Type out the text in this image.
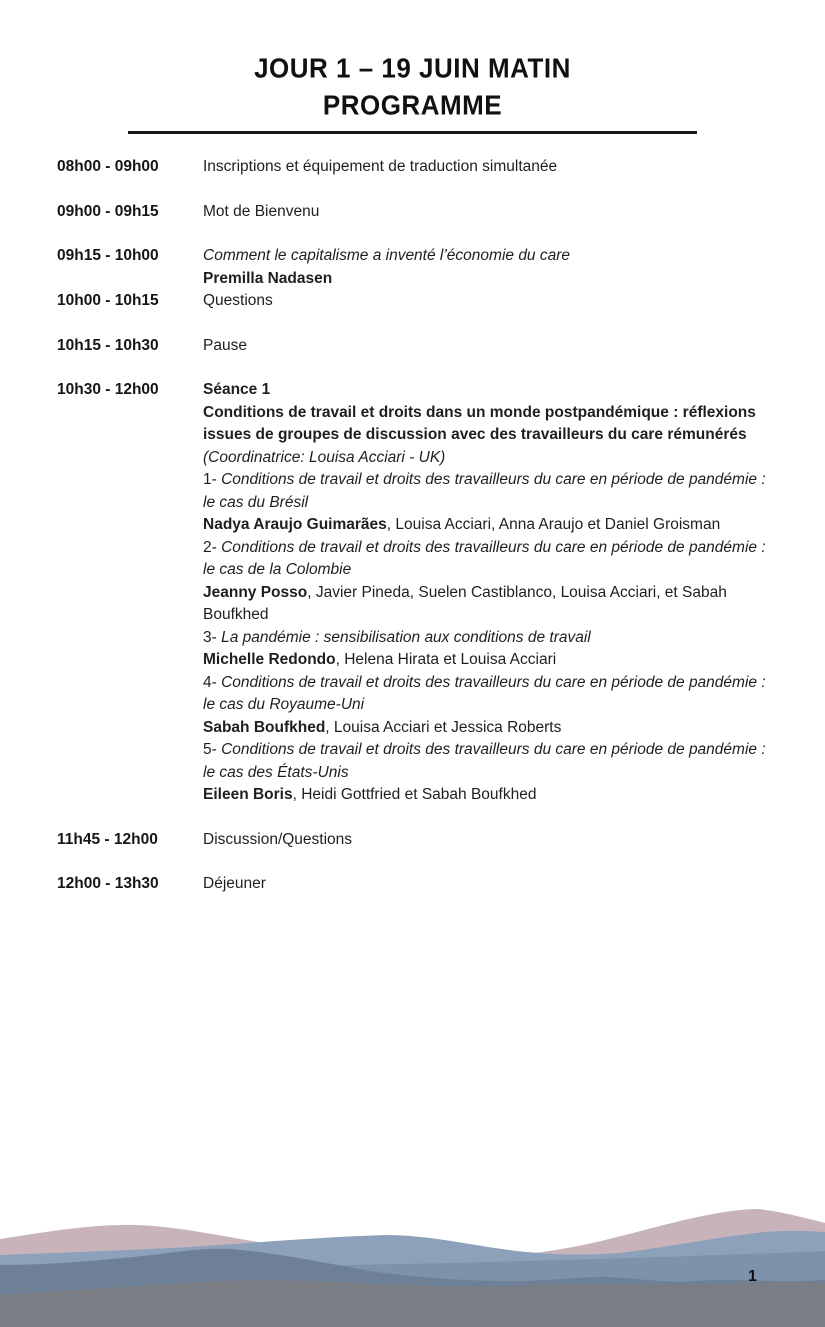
JOUR 1 – 19 JUIN MATIN
PROGRAMME
08h00 - 09h00	Inscriptions et équipement de traduction simultanée
09h00 - 09h15	Mot de Bienvenu
09h15 - 10h00	Comment le capitalisme a inventé l’économie du care
Premilla Nadasen
10h00 - 10h15	Questions
10h15 - 10h30	Pause
10h30 - 12h00	Séance 1
Conditions de travail et droits dans un monde postpandémique : réflexions issues de groupes de discussion avec des travailleurs du care rémunérés
(Coordinatrice: Louisa Acciari - UK)
1- Conditions de travail et droits des travailleurs du care en période de pandémie : le cas du Brésil
Nadya Araujo Guimarães, Louisa Acciari, Anna Araujo et Daniel Groisman
2- Conditions de travail et droits des travailleurs du care en période de pandémie : le cas de la Colombie
Jeanny Posso, Javier Pineda, Suelen Castiblanco, Louisa Acciari, et Sabah Boufkhed
3- La pandémie : sensibilisation aux conditions de travail
Michelle Redondo, Helena Hirata et Louisa Acciari
4- Conditions de travail et droits des travailleurs du care en période de pandémie : le cas du Royaume-Uni
Sabah Boufkhed, Louisa Acciari et Jessica Roberts
5- Conditions de travail et droits des travailleurs du care en période de pandémie : le cas des États-Unis
Eileen Boris, Heidi Gottfried et Sabah Boufkhed
11h45 - 12h00	Discussion/Questions
12h00 - 13h30	Déjeuner
1
